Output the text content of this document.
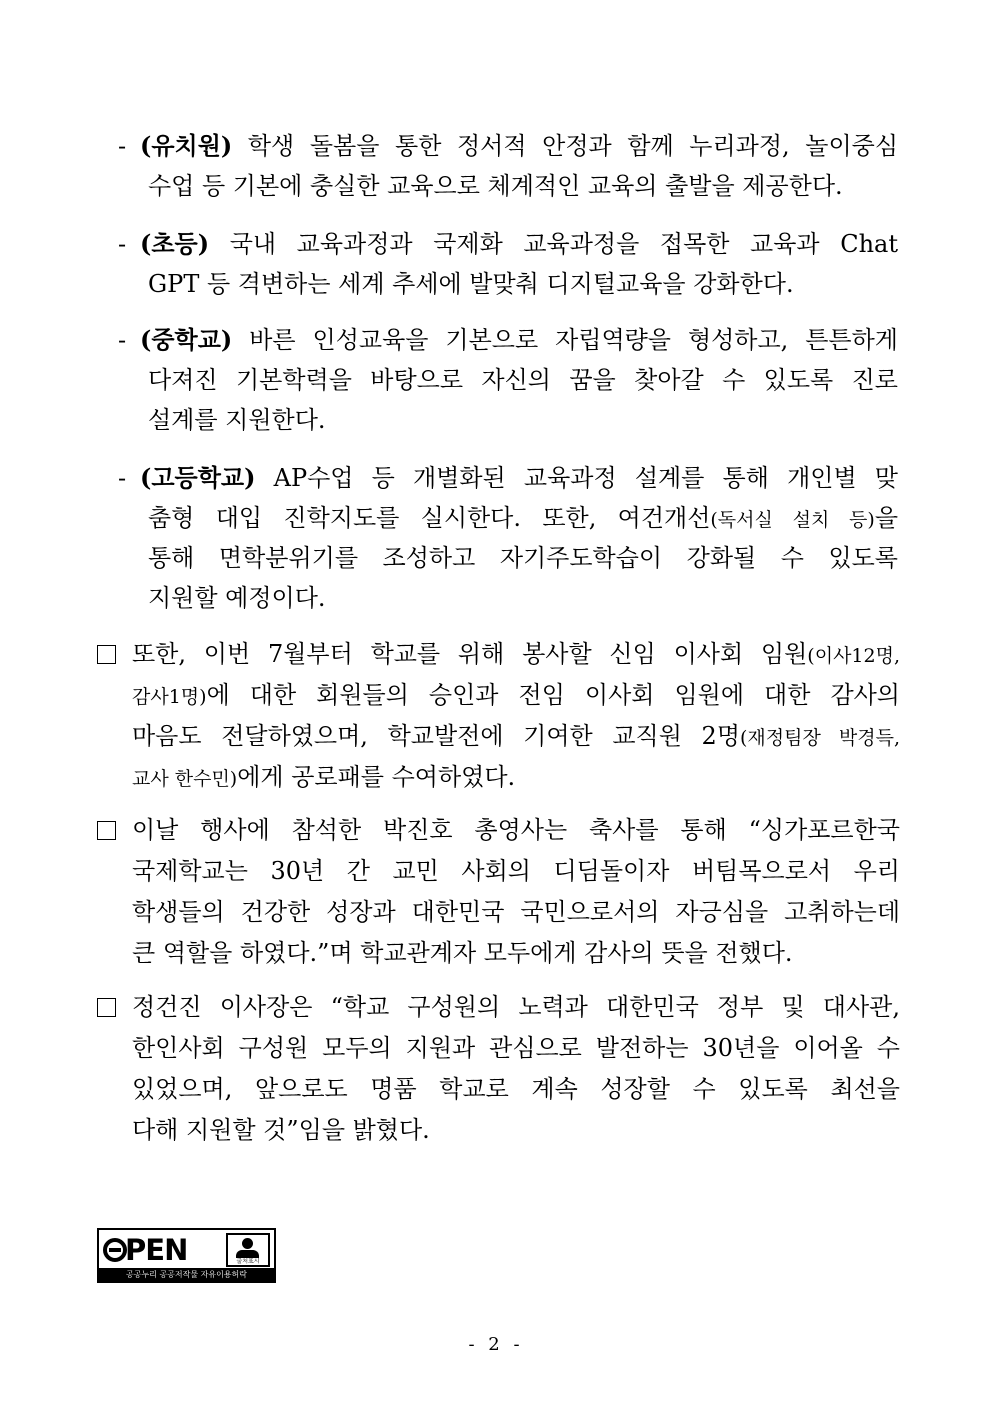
- (유치원) 학생 돌봄을 통한 정서적 안정과 함께 누리과정, 놀이중심
수업 등 기본에 충실한 교육으로 체계적인 교육의 출발을 제공한다.
- (초등) 국내 교육과정과 국제화 교육과정을 접목한 교육과 Chat
GPT 등 격변하는 세계 추세에 발맞춰 디지털교육을 강화한다.
- (중학교) 바른 인성교육을 기본으로 자립역량을 형성하고, 튼튼하게
다져진 기본학력을 바탕으로 자신의 꿈을 찾아갈 수 있도록 진로
설계를 지원한다.
- (고등학교) AP수업 등 개별화된 교육과정 설계를 통해 개인별 맞
춤형 대입 진학지도를 실시한다. 또한, 여건개선(독서실 설치 등)을
통해 면학분위기를 조성하고 자기주도학습이 강화될 수 있도록
지원할 예정이다.
또한, 이번 7월부터 학교를 위해 봉사할 신임 이사회 임원(이사12명,
감사1명)에 대한 회원들의 승인과 전임 이사회 임원에 대한 감사의
마음도 전달하였으며, 학교발전에 기여한 교직원 2명(재정팀장 박경득,
교사 한수민)에게 공로패를 수여하였다.
이날 행사에 참석한 박진호 총영사는 축사를 통해 “싱가포르한국
국제학교는 30년 간 교민 사회의 디딤돌이자 버팀목으로서 우리
학생들의 건강한 성장과 대한민국 국민으로서의 자긍심을 고취하는데
큰 역할을 하였다.”며 학교관계자 모두에게 감사의 뜻을 전했다.
정건진 이사장은 “학교 구성원의 노력과 대한민국 정부 및 대사관,
한인사회 구성원 모두의 지원과 관심으로 발전하는 30년을 이어올 수
있었으며, 앞으로도 명품 학교로 계속 성장할 수 있도록 최선을
다해 지원할 것”임을 밝혔다.
PEN	출처표시
공공누리 공공저작물 자유이용허락
- 2 -
